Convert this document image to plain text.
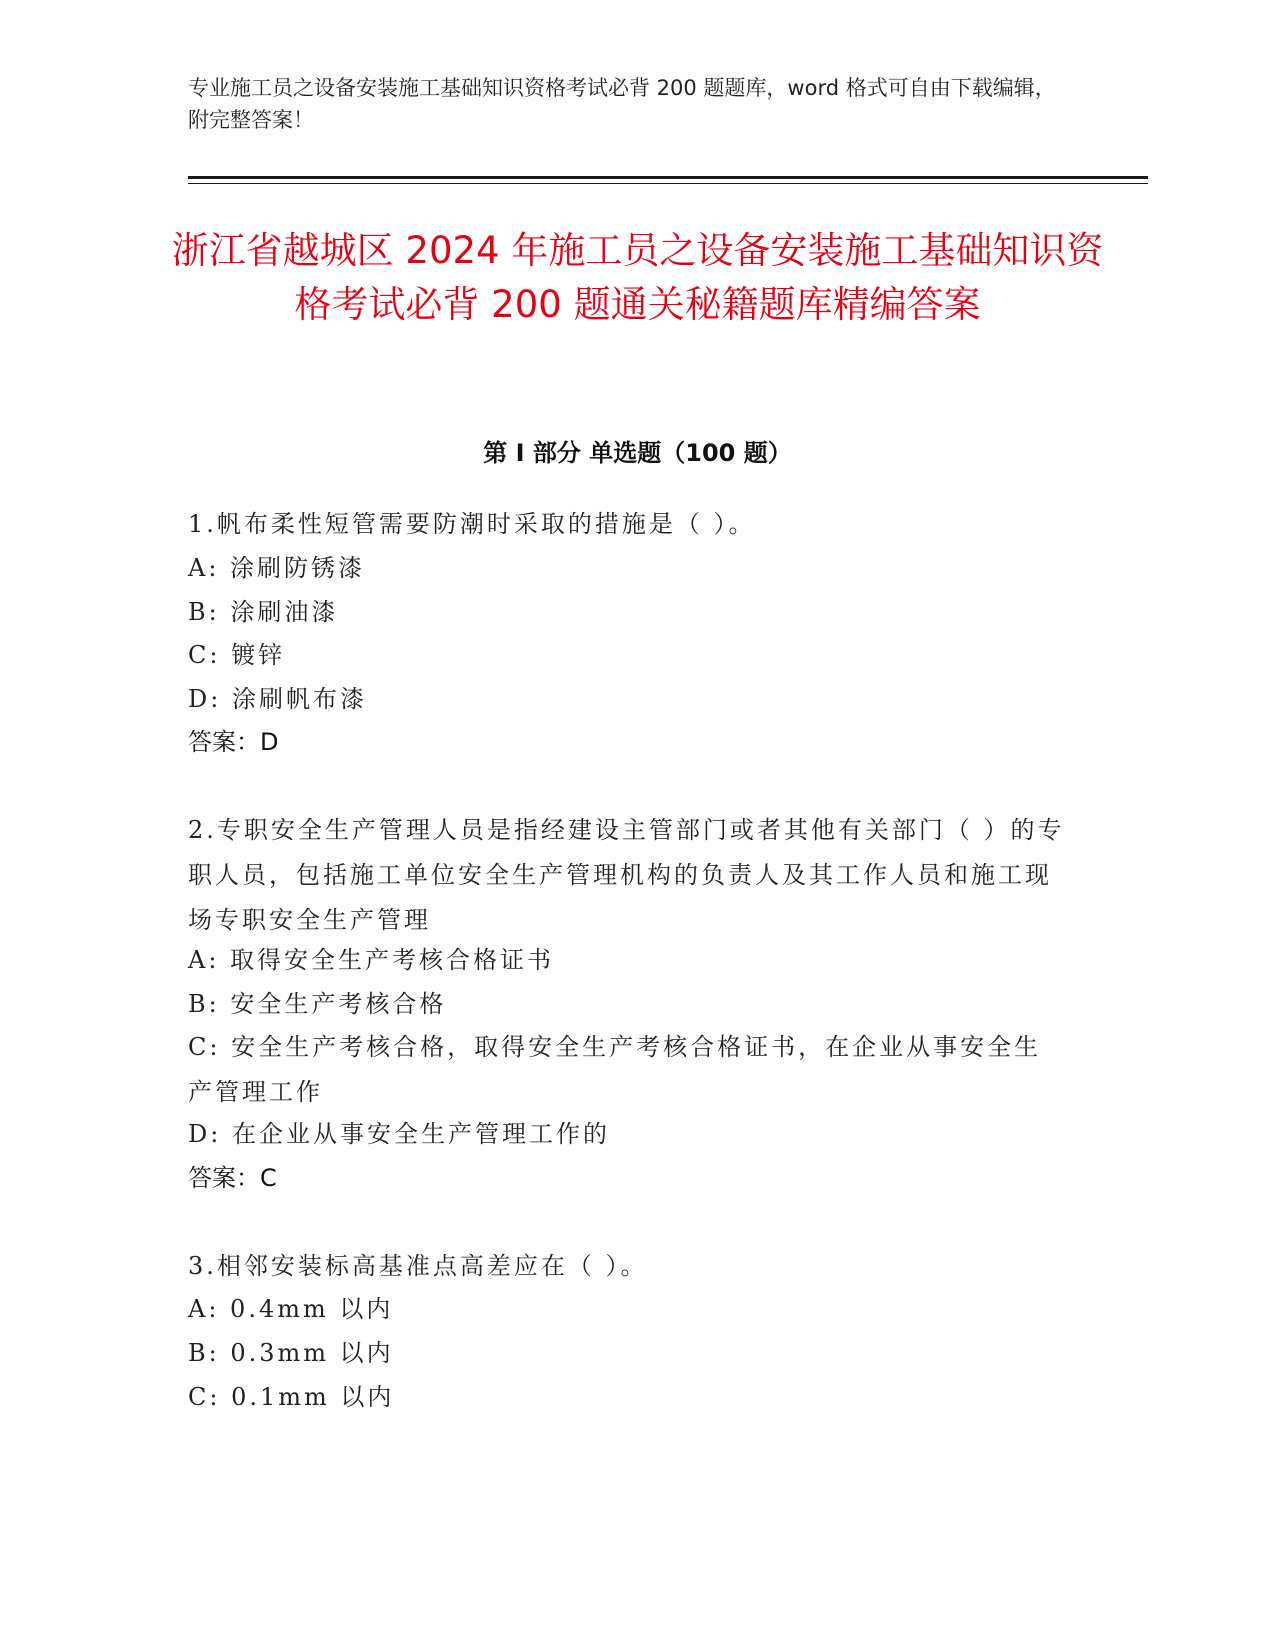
专业施工员之设备安装施工基础知识资格考试必背 200 题题库，word 格式可自由下载编辑，附完整答案！
浙江省越城区 2024 年施工员之设备安装施工基础知识资格考试必背 200 题通关秘籍题库精编答案
第 I 部分 单选题（100 题）
1.帆布柔性短管需要防潮时采取的措施是（ ）。
A: 涂刷防锈漆
B: 涂刷油漆
C: 镀锌
D: 涂刷帆布漆
答案：D
2.专职安全生产管理人员是指经建设主管部门或者其他有关部门（ ）的专职人员，包括施工单位安全生产管理机构的负责人及其工作人员和施工现场专职安全生产管理
A: 取得安全生产考核合格证书
B: 安全生产考核合格
C: 安全生产考核合格，取得安全生产考核合格证书，在企业从事安全生产管理工作
D: 在企业从事安全生产管理工作的
答案：C
3.相邻安装标高基准点高差应在（ ）。
A: 0.4mm 以内
B: 0.3mm 以内
C: 0.1mm 以内
